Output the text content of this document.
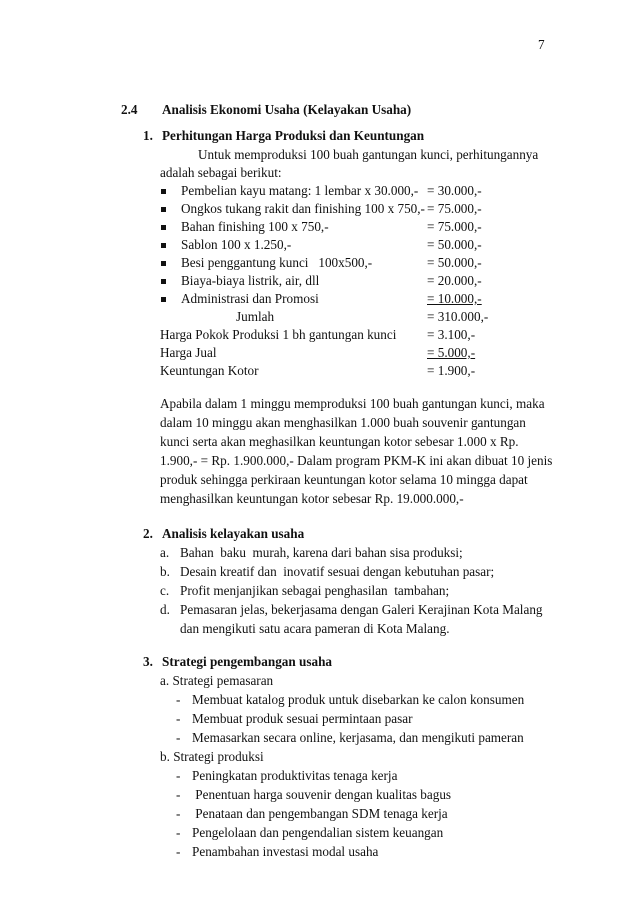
7
2.4 Analisis Ekonomi Usaha (Kelayakan Usaha)
1. Perhitungan Harga Produksi dan Keuntungan
Untuk memproduksi 100 buah gantungan kunci, perhitungannya
adalah sebagai berikut:
Pembelian kayu matang: 1 lembar x 30.000,- = 30.000,-
Ongkos tukang rakit dan finishing 100 x 750,- = 75.000,-
Bahan finishing 100 x 750,-	= 75.000,-
Sablon 100 x 1.250,-	= 50.000,-
Besi penggantung kunci   100x500,-	= 50.000,-
Biaya-biaya listrik, air, dll	= 20.000,-
Administrasi dan Promosi	= 10.000,-
Jumlah	= 310.000,-
Harga Pokok Produksi 1 bh gantungan kunci = 3.100,-
Harga Jual	= 5.000,-
Keuntungan Kotor	= 1.900,-
Apabila dalam 1 minggu memproduksi 100 buah gantungan kunci, maka
dalam 10 minggu akan menghasilkan 1.000 buah souvenir gantungan
kunci serta akan meghasilkan keuntungan kotor sebesar 1.000 x Rp.
1.900,- = Rp. 1.900.000,- Dalam program PKM-K ini akan dibuat 10 jenis
produk sehingga perkiraan keuntungan kotor selama 10 mingga dapat
menghasilkan keuntungan kotor sebesar Rp. 19.000.000,-
2. Analisis kelayakan usaha
a. Bahan  baku  murah, karena dari bahan sisa produksi;
b. Desain kreatif dan  inovatif sesuai dengan kebutuhan pasar;
c. Profit menjanjikan sebagai penghasilan  tambahan;
d. Pemasaran jelas, bekerjasama dengan Galeri Kerajinan Kota Malang
dan mengikuti satu acara pameran di Kota Malang.
3. Strategi pengembangan usaha
a. Strategi pemasaran
- Membuat katalog produk untuk disebarkan ke calon konsumen
- Membuat produk sesuai permintaan pasar
- Memasarkan secara online, kerjasama, dan mengikuti pameran
b. Strategi produksi
- Peningkatan produktivitas tenaga kerja
- Penentuan harga souvenir dengan kualitas bagus
- Penataan dan pengembangan SDM tenaga kerja
- Pengelolaan dan pengendalian sistem keuangan
- Penambahan investasi modal usaha
